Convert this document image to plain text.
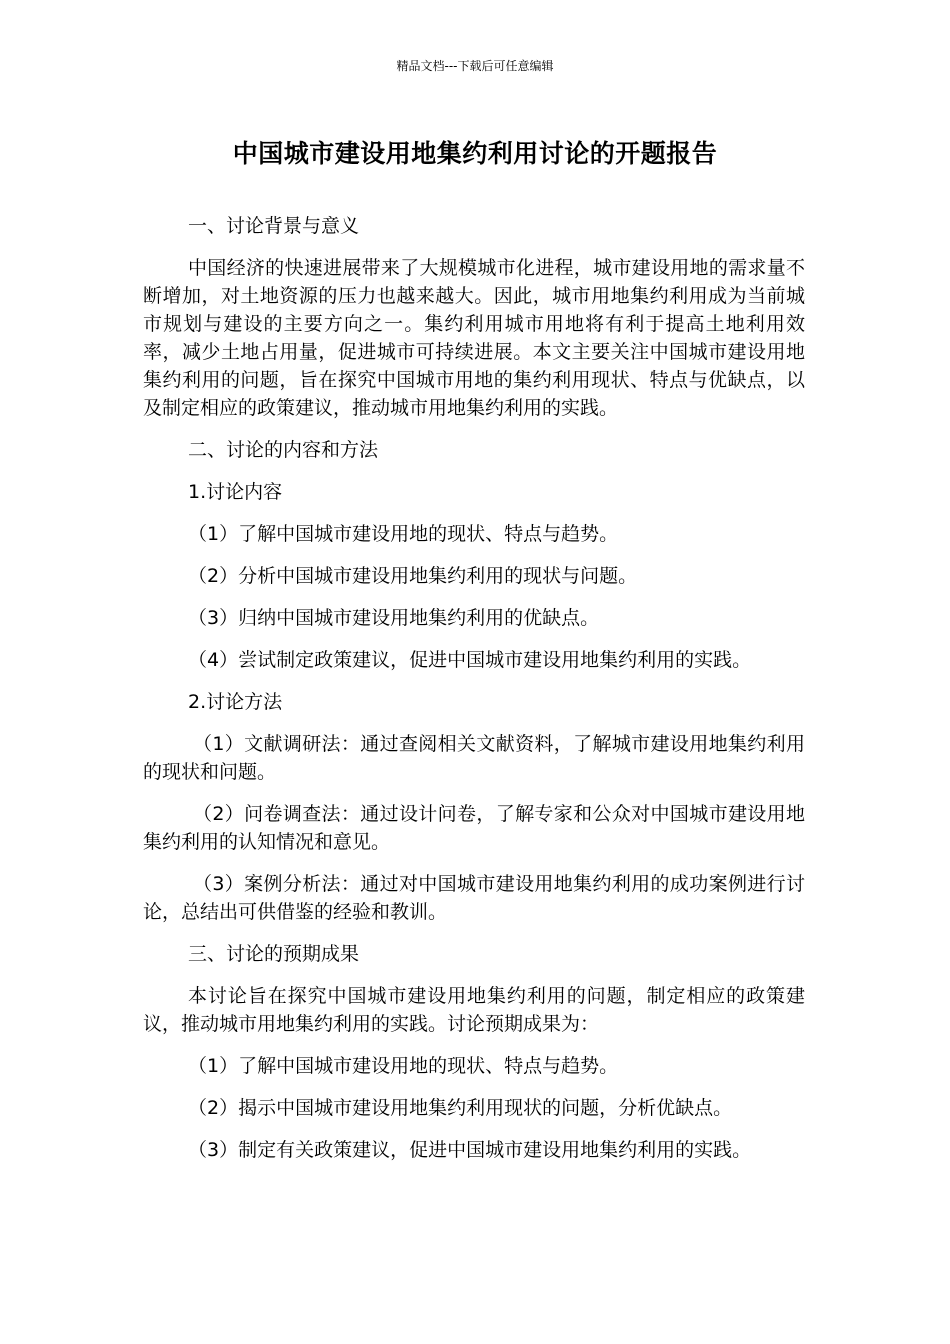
精品文档---下载后可任意编辑
中国城市建设用地集约利用讨论的开题报告

一、讨论背景与意义

中国经济的快速进展带来了大规模城市化进程，城市建设用地的需求量不断增加，对土地资源的压力也越来越大。因此，城市用地集约利用成为当前城市规划与建设的主要方向之一。集约利用城市用地将有利于提高土地利用效率，减少土地占用量，促进城市可持续进展。本文主要关注中国城市建设用地集约利用的问题，旨在探究中国城市用地的集约利用现状、特点与优缺点，以及制定相应的政策建议，推动城市用地集约利用的实践。

二、讨论的内容和方法

1.讨论内容

（1）了解中国城市建设用地的现状、特点与趋势。

（2）分析中国城市建设用地集约利用的现状与问题。

（3）归纳中国城市建设用地集约利用的优缺点。

（4）尝试制定政策建议，促进中国城市建设用地集约利用的实践。

2.讨论方法

（1）文献调研法：通过查阅相关文献资料，了解城市建设用地集约利用的现状和问题。

（2）问卷调查法：通过设计问卷，了解专家和公众对中国城市建设用地集约利用的认知情况和意见。

（3）案例分析法：通过对中国城市建设用地集约利用的成功案例进行讨论，总结出可供借鉴的经验和教训。

三、讨论的预期成果

本讨论旨在探究中国城市建设用地集约利用的问题，制定相应的政策建议，推动城市用地集约利用的实践。讨论预期成果为：

（1）了解中国城市建设用地的现状、特点与趋势。

（2）揭示中国城市建设用地集约利用现状的问题，分析优缺点。

（3）制定有关政策建议，促进中国城市建设用地集约利用的实践。
